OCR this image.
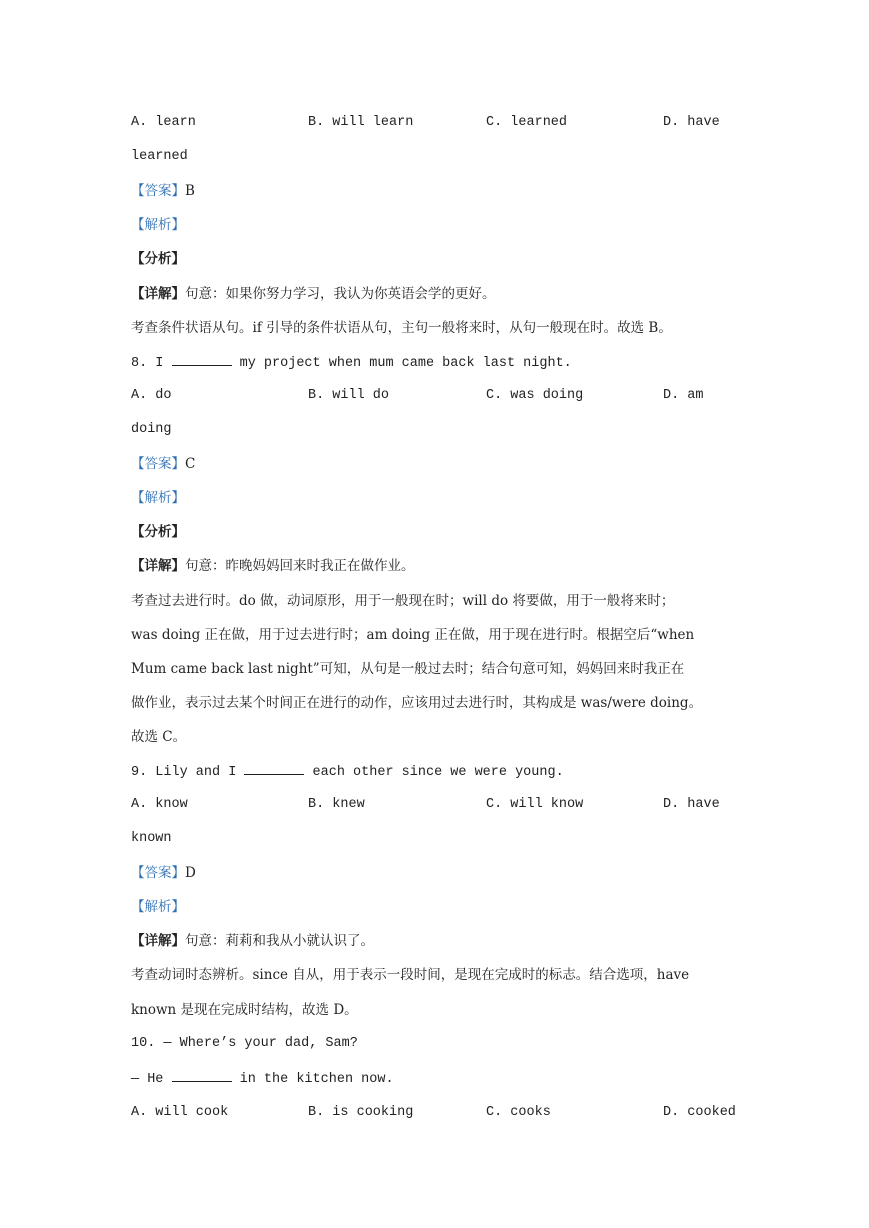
A. learn	B. will learn	C. learned	D. have
learned
【答案】B
【解析】
【分析】
【详解】句意：如果你努力学习，我认为你英语会学的更好。
考查条件状语从句。if 引导的条件状语从句，主句一般将来时，从句一般现在时。故选 B。
8. I	my project when mum came back last night.
A. do	B. will do	C. was doing	D. am
doing
【答案】C
【解析】
【分析】
【详解】句意：昨晚妈妈回来时我正在做作业。
考查过去进行时。do 做，动词原形，用于一般现在时；will do 将要做，用于一般将来时；
was doing 正在做，用于过去进行时；am doing 正在做，用于现在进行时。根据空后“when
Mum came back last night”可知，从句是一般过去时；结合句意可知，妈妈回来时我正在
做作业，表示过去某个时间正在进行的动作，应该用过去进行时，其构成是 was/were doing。
故选 C。
9. Lily and I	each other since we were young.
A. know	B. knew	C. will know	D. have
known
【答案】D
【解析】
【详解】句意：莉莉和我从小就认识了。
考查动词时态辨析。since 自从，用于表示一段时间，是现在完成时的标志。结合选项，have
known 是现在完成时结构，故选 D。
10. — Where’s your dad, Sam?
— He	in the kitchen now.
A. will cook	B. is cooking	C. cooks	D. cooked
